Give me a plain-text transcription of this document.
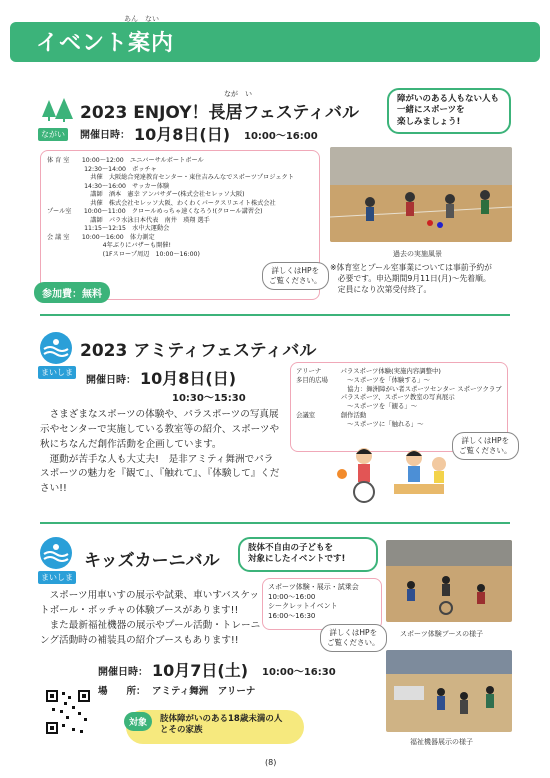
あん　ない
イベント案内
ながい
なが　い
2023 ENJOY！長居フェスティバル
開催日時： 10月8日(日) 10:00〜16:00
障がいのある人もない人も
一緒にスポーツを
楽しみましょう!
体 育 室　　10:00〜12:00　ユニバーサルボートボール
　　　　　　12:30〜14:00　ボッチャ
　　　　　　　共催　大阪総合発達教育センター・東住吉みんなでスポーツプロジェクト
　　　　　　14:30〜16:00　サッカー体験
　　　　　　　講師　酒本　憲幸 アンバサダー(株式会社セレッソ大阪)
　　　　　　　共催　株式会社セレッソ大阪、わくわくパークスリエイト株式会社
プール室　　10:00〜11:00　クロールめっちゃ速くなろう!(クロール講習会)
　　　　　　　講師　パラ水泳日本代表　南井　瑛翔 選手
　　　　　　11:15〜12:15　水中大運動会
会 議 室　　10:00〜16:00　体力測定
　　　　　　　　　4年ぶりにバザーも開催!
　　　　　　　　　(1Fスロープ周辺　10:00〜16:00)
参加費：無料
詳しくはHPを
ご覧ください。
過去の実施風景
※体育室とプール室事業については事前予約が
　必要です。申込期間9月11日(月)〜先着順。
　定員になり次第受付終了。
まいしま
2023 アミティフェスティバル
開催日時： 10月8日(日)
10:30〜15:30
　さまざまなスポーツの体験や、パラスポーツの写真展示やセンターで実施している教室等の紹介、スポーツや秋にちなんだ創作活動を企画しています。
　運動が苦手な人も大丈夫!　是非アミティ舞洲でパラスポーツの魅力を『観て』、『触れて』、『体験して』ください!!
アリーナ　　　パラスポーツ体験(実施内容調整中)
多目的広場　　　〜スポーツを「体験する」〜
　　　　　　　　協力：舞洲障がい者スポーツセンター スポーツクラブ
　　　　　　　パラスポーツ、スポーツ教室の写真展示
　　　　　　　　〜スポーツを「観る」〜
会議室　　　　創作活動
　　　　　　　　〜スポーツに「触れる」〜
詳しくはHPを
ご覧ください。
まいしま
キッズカーニバル
肢体不自由の子どもを
対象にしたイベントです!
　スポーツ用車いすの展示や試乗、車いすバスケットボール・ボッチャの体験ブースがあります!!
　また最新福祉機器の展示やプール活動・トレーニング活動時の補装具の紹介ブースもあります!!
スポーツ体験・展示・試乗会
10:00〜16:00
シークレットイベント
16:00〜16:30
詳しくはHPを
ご覧ください。
スポーツ体験ブースの様子
福祉機器展示の様子
開催日時： 10月7日(土) 10:00〜16:30
場　　所： アミティ舞洲　アリーナ
対象	肢体障がいのある18歳未満の人
とその家族
(8)
